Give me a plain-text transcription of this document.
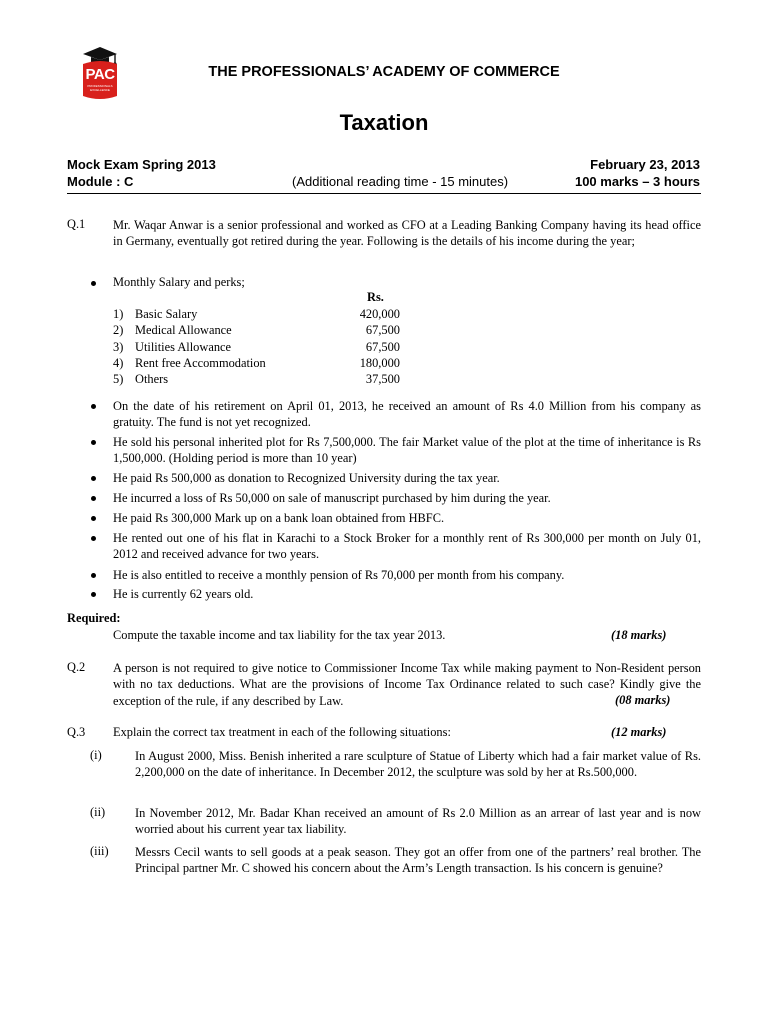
PAC
PROFESSIONALS EXCELLENCE
THE PROFESSIONALS’ ACADEMY OF COMMERCE
Taxation
Mock Exam Spring 2013	February 23, 2013
Module : C	(Additional reading time - 15 minutes)	100 marks – 3 hours
Q.1 Mr. Waqar Anwar is a senior professional and worked as CFO at a Leading Banking Company having its head office in Germany, eventually got retired during the year. Following is the details of his income during the year;
Monthly Salary and perks;
Rs.
1) Basic Salary	420,000
2) Medical Allowance	67,500
3) Utilities Allowance	67,500
4) Rent free Accommodation	180,000
5) Others	37,500
On the date of his retirement on April 01, 2013, he received an amount of Rs 4.0 Million from his company as gratuity. The fund is not yet recognized.
He sold his personal inherited plot for Rs 7,500,000. The fair Market value of the plot at the time of inheritance is Rs 1,500,000. (Holding period is more than 10 year)
He paid Rs 500,000 as donation to Recognized University during the tax year.
He incurred a loss of Rs 50,000 on sale of manuscript purchased by him during the year.
He paid Rs 300,000 Mark up on a bank loan obtained from HBFC.
He rented out one of his flat in Karachi to a Stock Broker for a monthly rent of Rs 300,000 per month on July 01, 2012 and received advance for two years.
He is also entitled to receive a monthly pension of Rs 70,000 per month from his company.
He is currently 62 years old.
Required:
Compute the taxable income and tax liability for the tax year 2013.	(18 marks)
Q.2 A person is not required to give notice to Commissioner Income Tax while making payment to Non-Resident person with no tax deductions. What are the provisions of Income Tax Ordinance related to such case? Kindly give the exception of the rule, if any described by Law.	(08 marks)
Q.3 Explain the correct tax treatment in each of the following situations:	(12 marks)
(i)	In August 2000, Miss. Benish inherited a rare sculpture of Statue of Liberty which had a fair market value of Rs. 2,200,000 on the date of inheritance. In December 2012, the sculpture was sold by her at Rs.500,000.
(ii) In November 2012, Mr. Badar Khan received an amount of Rs 2.0 Million as an arrear of last year and is now worried about his current year tax liability.
(iii) Messrs Cecil wants to sell goods at a peak season. They got an offer from one of the partners’ real brother. The Principal partner Mr. C showed his concern about the Arm’s Length transaction. Is his concern is genuine?
